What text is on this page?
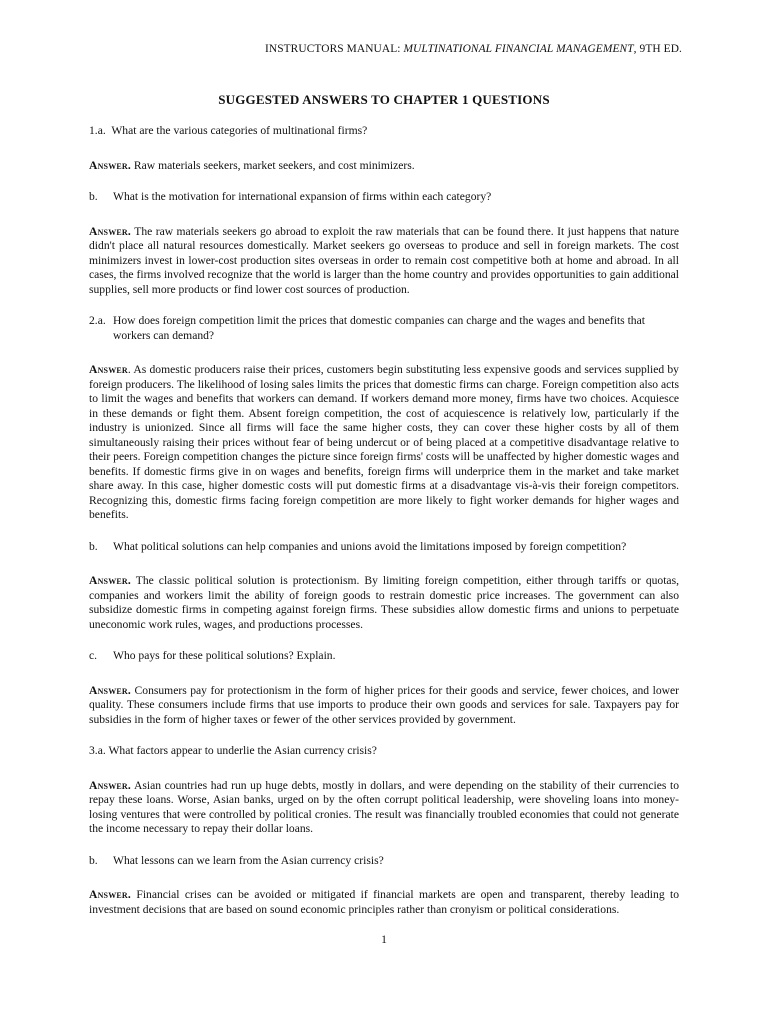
INSTRUCTORS MANUAL: MULTINATIONAL FINANCIAL MANAGEMENT, 9TH ED.
SUGGESTED ANSWERS TO CHAPTER 1 QUESTIONS

1.a. What are the various categories of multinational firms?

Answer. Raw materials seekers, market seekers, and cost minimizers.

b. What is the motivation for international expansion of firms within each category?

Answer. The raw materials seekers go abroad to exploit the raw materials that can be found there. It just happens that nature didn't place all natural resources domestically. Market seekers go overseas to produce and sell in foreign markets. The cost minimizers invest in lower-cost production sites overseas in order to remain cost competitive both at home and abroad. In all cases, the firms involved recognize that the world is larger than the home country and provides opportunities to gain additional supplies, sell more products or find lower cost sources of production.

2.a. How does foreign competition limit the prices that domestic companies can charge and the wages and benefits that workers can demand?

Answer. As domestic producers raise their prices, customers begin substituting less expensive goods and services supplied by foreign producers. The likelihood of losing sales limits the prices that domestic firms can charge. Foreign competition also acts to limit the wages and benefits that workers can demand. If workers demand more money, firms have two choices. Acquiesce in these demands or fight them. Absent foreign competition, the cost of acquiescence is relatively low, particularly if the industry is unionized. Since all firms will face the same higher costs, they can cover these higher costs by all of them simultaneously raising their prices without fear of being undercut or of being placed at a competitive disadvantage relative to their peers. Foreign competition changes the picture since foreign firms' costs will be unaffected by higher domestic wages and benefits. If domestic firms give in on wages and benefits, foreign firms will underprice them in the market and take market share away. In this case, higher domestic costs will put domestic firms at a disadvantage vis-à-vis their foreign competitors. Recognizing this, domestic firms facing foreign competition are more likely to fight worker demands for higher wages and benefits.

b. What political solutions can help companies and unions avoid the limitations imposed by foreign competition?

Answer. The classic political solution is protectionism. By limiting foreign competition, either through tariffs or quotas, companies and workers limit the ability of foreign goods to restrain domestic price increases. The government can also subsidize domestic firms in competing against foreign firms. These subsidies allow domestic firms and unions to perpetuate uneconomic work rules, wages, and productions processes.

c. Who pays for these political solutions? Explain.

Answer. Consumers pay for protectionism in the form of higher prices for their goods and service, fewer choices, and lower quality. These consumers include firms that use imports to produce their own goods and services for sale. Taxpayers pay for subsidies in the form of higher taxes or fewer of the other services provided by government.

3.a. What factors appear to underlie the Asian currency crisis?

Answer. Asian countries had run up huge debts, mostly in dollars, and were depending on the stability of their currencies to repay these loans. Worse, Asian banks, urged on by the often corrupt political leadership, were shoveling loans into money-losing ventures that were controlled by political cronies. The result was financially troubled economies that could not generate the income necessary to repay their dollar loans.

b. What lessons can we learn from the Asian currency crisis?

Answer. Financial crises can be avoided or mitigated if financial markets are open and transparent, thereby leading to investment decisions that are based on sound economic principles rather than cronyism or political considerations.

1
